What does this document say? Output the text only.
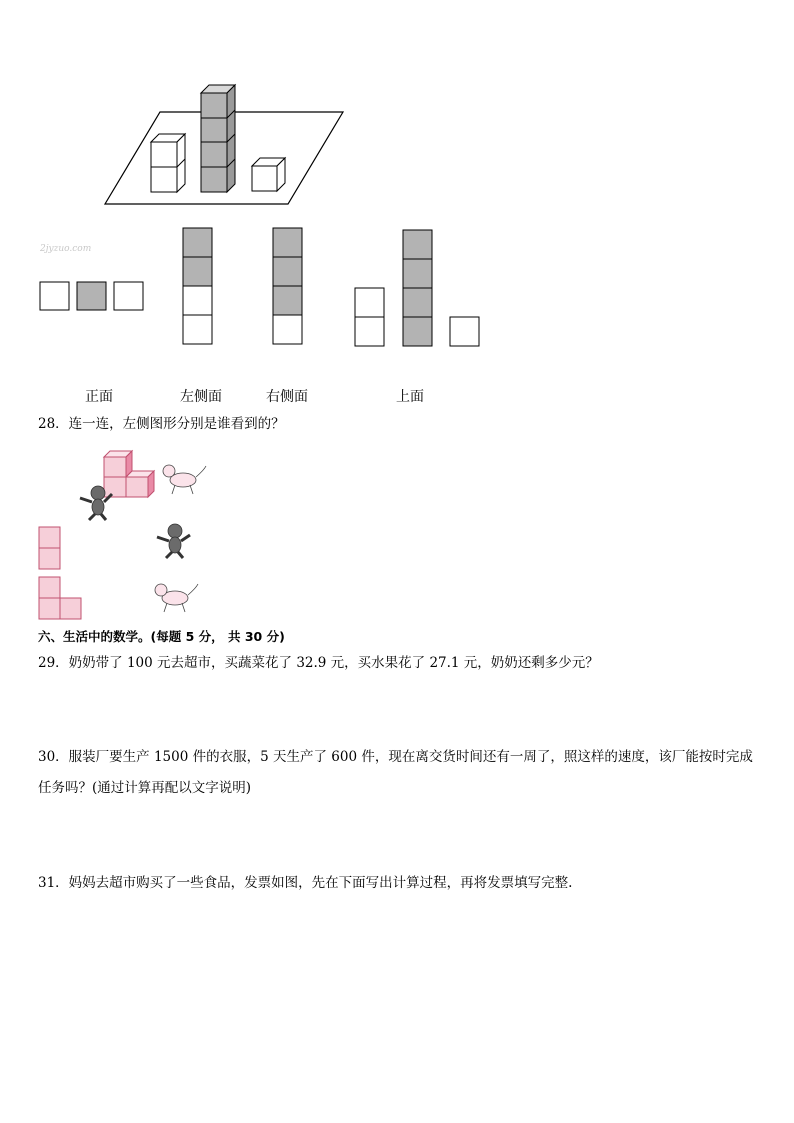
2jyzuo.com
正面	左侧面	右侧面	上面
28．连一连，左侧图形分别是谁看到的？
六、生活中的数学。(每题 5 分， 共 30 分)
29．奶奶带了 100 元去超市，买蔬菜花了 32.9 元，买水果花了 27.1 元，奶奶还剩多少元？
30．服装厂要生产 1500 件的衣服，5 天生产了 600 件，现在离交货时间还有一周了，照这样的速度，该厂能按时完成任务吗？(通过计算再配以文字说明)
31．妈妈去超市购买了一些食品，发票如图，先在下面写出计算过程，再将发票填写完整.
